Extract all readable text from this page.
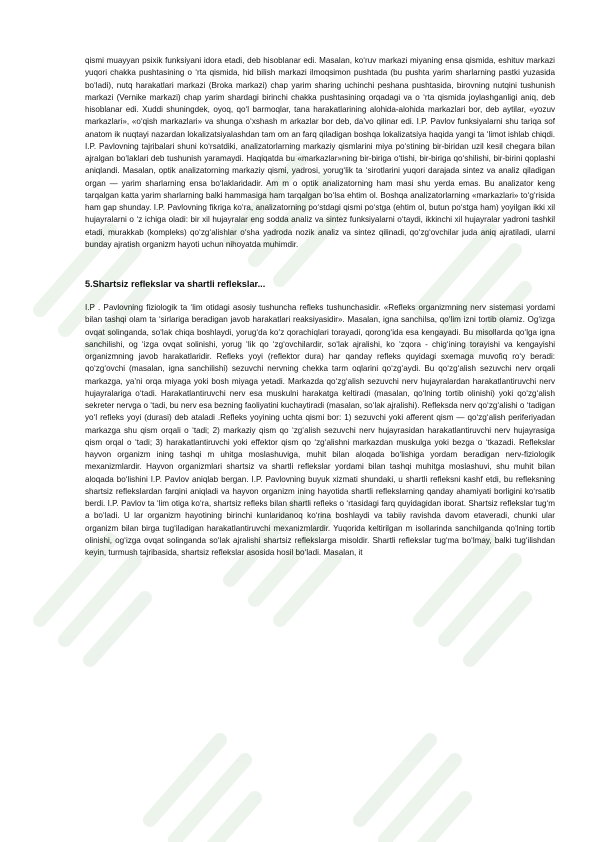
qismi muayyan psixik funksiyani idora etadi, deb hisoblanar edi. Masalan, ko‘ruv markazi miyaning ensa qismida, eshituv markazi yuqori chakka pushtasining o ‘rta qismida, hid bilish markazi ilmoqsimon pushtada (bu pushta yarim sharlarning pastki yuzasida bo‘ladi), nutq harakatlari markazi (Broka markazi) chap yarim sharing uchinchi peshana pushtasida, birovning nutqini tushunish markazi (Vernike markazi) chap yarim shardagi birinchi chakka pushtasining orqadagi va o ‘rta qismida joylashganligi aniq, deb hisoblanar edi. Xuddi shuningdek, oyoq, qo‘l barmoqlar, tana harakatlarining alohida-alohida markazlari bor, deb aytilar, «yozuv markazlari», «o‘qish markazlari» va shunga o‘xshash m arkazlar bor deb, da’vo qilinar edi. I.P. Pavlov funksiyalarni shu tariqa sof anatom ik nuqtayi nazardan lokalizatsiyalashdan tam om an farq qiladigan boshqa lokalizatsiya haqida yangi ta ‘limot ishlab chiqdi. I.P. Pavlovning tajribalari shuni ko‘rsatdiki, analizatorlarning markaziy qismlarini miya po‘stining bir-biridan uzil kesil chegara bilan ajralgan bo‘laklari deb tushunish yaramaydi. Haqiqatda bu «markazlar»ning bir-biriga o‘tishi, bir-biriga qo‘shilishi, bir-birini qoplashi aniqlandi. Masalan, optik analizatorning markaziy qismi, yadrosi, yorug‘lik ta ‘sirotlarini yuqori darajada sintez va analiz qiladigan organ — yarim sharlarning ensa bo‘laklaridadir. Am m o optik analizatorning ham masi shu yerda emas. Bu analizator keng tarqalgan katta yarim sharlarning balki hammasiga ham tarqalgan bo‘lsa ehtim ol. Boshqa analizatorlarning «markazlari» to‘g‘risida ham gap shunday. I.P. Pavlovning fikriga ko‘ra, analizatorning po‘stdagi qismi po‘stga (ehtim ol, butun po‘stga ham) yoyilgan ikki xil hujayralarni o ‘z ichiga oladi: bir xil hujayralar eng sodda analiz va sintez funksiyalarni o‘taydi, ikkinchi xil hujayralar yadroni tashkil etadi, murakkab (kompleks) qo‘zg‘alishlar o‘sha yadroda nozik analiz va sintez qilinadi, qo‘zg‘ovchilar juda aniq ajratiladi, ularni bunday ajratish organizm hayoti uchun nihoyatda muhimdir.

5.Shartsiz reflekslar va shartli reflekslar...

I.P . Pavlovning fiziologik ta ‘lim otidagi asosiy tushuncha refleks tushunchasidir. «Refleks organizmning nerv sistemasi yordami bilan tashqi olam ta ‘sirlariga beradigan javob harakatlari reaksiyasidir». Masalan, igna sanchilsa, qo‘lim izni tortib olamiz. Og‘izga ovqat solinganda, so‘lak chiqa boshlaydi, yorug‘da ko‘z qorachiqlari torayadi, qorong‘ida esa kengayadi. Bu misollarda qo‘lga igna sanchilishi, og ‘izga ovqat solinishi, yorug ‘lik qo ‘zg‘ovchilardir, so‘lak ajralishi, ko ‘zqora - chig‘ining torayishi va kengayishi organizmning javob harakatlaridir. Refleks yoyi (reflektor dura) har qanday refleks quyidagi sxemaga muvofiq ro‘y beradi: qo‘zg‘ovchi (masalan, igna sanchilishi) sezuvchi nervning chekka tarm oqlarini qo‘zg‘aydi. Bu qo‘zg‘alish sezuvchi nerv orqali markazga, ya’ni orqa miyaga yoki bosh miyaga yetadi. Markazda qo‘zg‘alish sezuvchi nerv hujayralardan harakatlantiruvchi nerv hujayralariga o‘tadi. Harakatlantiruvchi nerv esa muskulni harakatga keltiradi (masalan, qo‘lning tortib olinishi) yoki qo‘zg‘alish sekreter nervga o ‘tadi, bu nerv esa bezning faoliyatini kuchaytiradi (masalan, so‘lak ajralishi). Refleksda nerv qo‘zg‘alishi o ‘tadigan yo‘l refleks yoyi (durasi) deb ataladi .Refleks yoyining uchta qismi bor: 1) sezuvchi yoki afferent qism — qo‘zg‘alish periferiyadan markazga shu qism orqali o ‘tadi; 2) markaziy qism qo ‘zg‘alish sezuvchi nerv hujayrasidan harakatlantiruvchi nerv hujayrasiga qism orqal o ‘tadi; 3) harakatlantiruvchi yoki effektor qism qo ‘zg‘alishni markazdan muskulga yoki bezga o ‘tkazadi. Reflekslar hayvon organizm ining tashqi m uhitga moslashuviga, muhit bilan aloqada bo‘lishiga yordam beradigan nerv-fiziologik mexanizmlardir. Hayvon organizmlari shartsiz va shartli reflekslar yordami bilan tashqi muhitga moslashuvi, shu muhit bilan aloqada bo‘lishini I.P. Pavlov aniqlab bergan. I.P. Pavlovning buyuk xizmati shundaki, u shartli refleksni kashf etdi, bu refleksning shartsiz reflekslardan farqini aniqladi va hayvon organizm ining hayotida shartli reflekslarning qanday ahamiyati borligini ko‘rsatib berdi. I.P. Pavlov ta ‘lim otiga ko‘ra, shartsiz refleks bilan shartli refleks o ‘rtasidagi farq quyidagidan iborat. Shartsiz reflekslar tug‘m a bo‘ladi. U lar organizm hayotining birinchi kunlaridanoq ko‘rina boshlaydi va tabiiy ravishda davom etaveradi, chunki ular organizm bilan birga tug‘iladigan harakatlantiruvchi mexanizmlardir. Yuqorida keltirilgan m isollarinda sanchilganda qo‘lning tortib olinishi, og‘izga ovqat solinganda so‘lak ajralishi shartsiz reflekslarga misoldir. Shartli reflekslar tug‘ma bo‘lmay, balki tug‘ilishdan keyin, turmush tajribasida, shartsiz reflekslar asosida hosil bo‘ladi. Masalan, it
